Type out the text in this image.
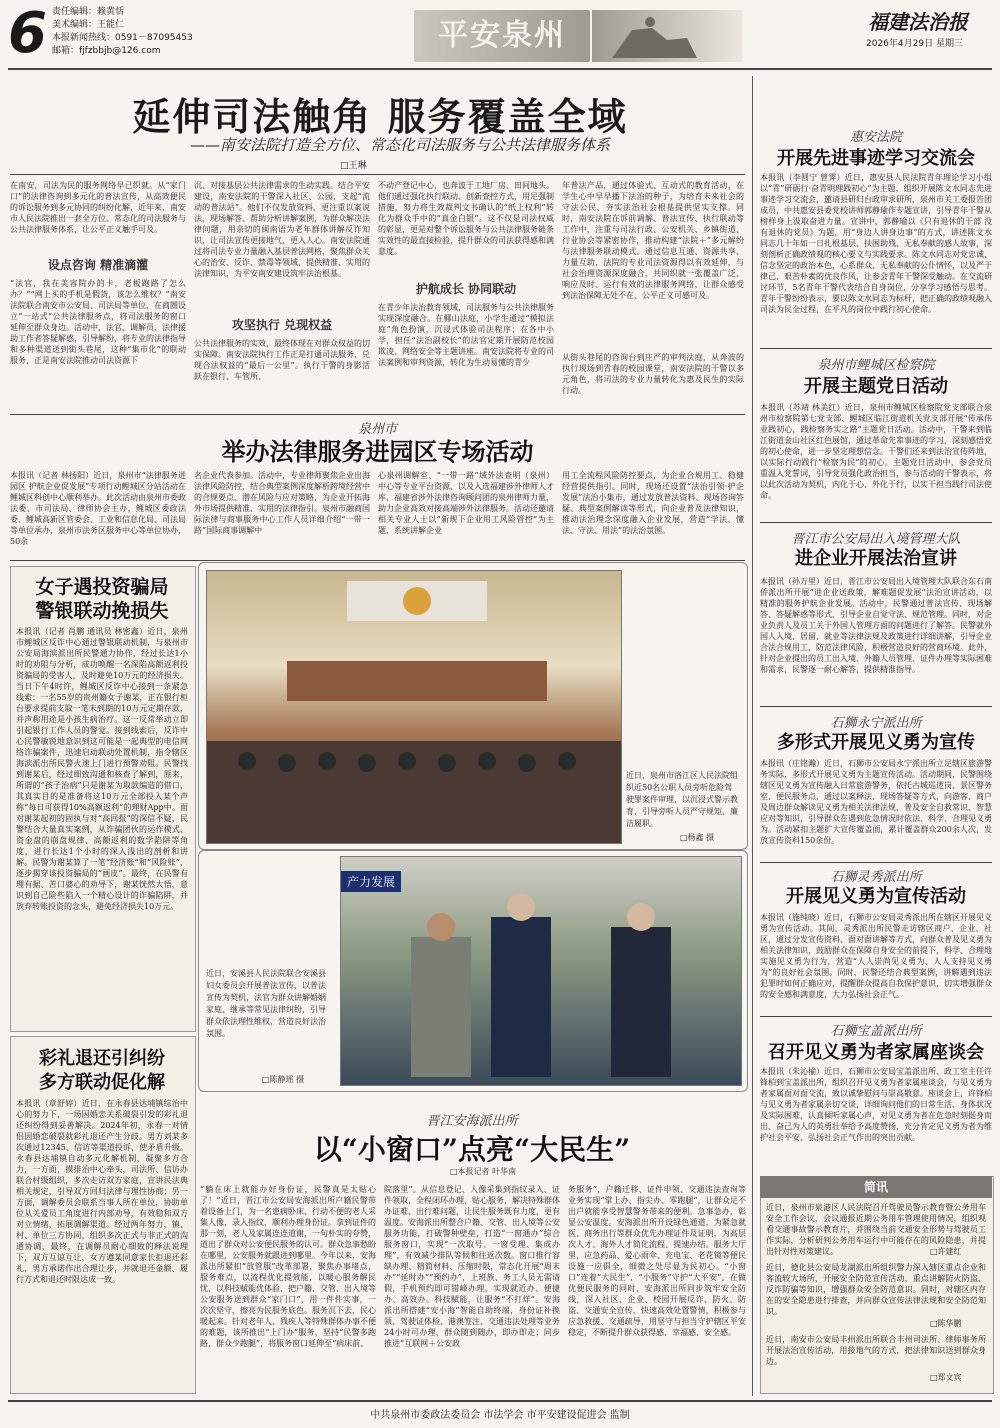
6 责任编辑：赖黄恬
美术编辑：王能仁
本报新闻热线：0591－87095453
邮箱：fjfzbbjb@126.com	平安泉州	福建法治报
2026年4月29日 星期三
延伸司法触角 服务覆盖全域
——南安法院打造全方位、常态化司法服务与公共法律服务体系
□王琳
在南安，司法为民的服务网络早已织就。从“家门口”的法律咨询到多元化的普法宣传，从高效便民的诉讼服务到多元协同的纠纷化解，近年来，南安市人民法院推出一套全方位、常态化的司法服务与公共法律服务体系，让公平正义触手可及。
设点咨询 精准滴灌
“法官，我在美容院办的卡，老板跑路了怎么办？”“网上买的手机是假货，该怎么维权？”南安法院联合南安市公安局、司法局等单位，在商圈设立“一站式”公共法律服务点，将司法服务的窗口延伸至群众身边。活动中，法官、调解员、法律援助工作者答疑解惑，引导解纷，将专业的法律指导和多种渠道送到街头巷尾，这种“集市化”的联动服务，正是南安法院推动司法资源下
沉、对接基层公共法律需求的生动实践。结合平安建设，南安法院的干警深入社区、公园，支起“流动的普法站”。他们不仅发放资料、更注重以案说法，现场解答、帮助分析讲解案例，为群众解决法律问题，用亲切的闽南语为老年群体讲解反诈知识，让司法宣传更接地气、更入人心。南安法院通过将司法专业力量融入基层普法网格，聚焦群众关心的治安、反诈、禁毒等领域，提供精准、实用的法律知识，为平安南安建设筑牢法治根基。
攻坚执行 兑现权益
公共法律服务的实效，最终体现在对群众权益的切实保障。南安法院执行工作正是打通司法服务、兑现合法权益的“最后一公里”。执行干警的身影活跃在银行、车管所、
不动产登记中心，也奔波于工地厂房、田间地头。他们通过强化执行联动、创新查控方式，用足强制措施，努力将生效裁判文书确认的“纸上权利”转化为群众手中的“真金白银”。这不仅是司法权威的彰显，更是对整个诉讼服务与公共法律服务链条实效性的最直接检验，提升群众的司法获得感和满意度。
护航成长 协同联动
在青少年法治教育领域，司法服务与公共法律服务实现深度融合。在椰山法庭，小学生通过“模拟法庭”角色扮演，沉浸式体验司法程序；在各中小学，担任“法治副校长”的法官定期开展防范校园欺凌、网络安全等主题讲座。南安法院将专业的司法案例和审判资源，转化为生动易懂的青少
年普法产品，通过体验式、互动式的教育活动，在学生心中早早播下法治的种子，为培育未来社会的守法公民、夯实法治社会根基提供坚实支撑。同时，南安法院在诉前调解、普法宣传、执行联动等工作中，注重与司法行政、公安机关、乡镇街道、行业协会等紧密协作，推动构建“法院＋”多元解纷与法律服务联动模式。通过信息互通、资源共享、力量互助，法院的专业司法资源得以有效延伸，与社会治理资源深度融合，共同织就一张覆盖广泛、响应及时、运行有效的法律服务网络，让群众感受到法治保障无处不在、公平正义可感可及。
从街头巷尾的咨询台到庄严的审判法庭，从奔波的执行现场到青春的校园课堂，南安法院的干警以多元角色，将司法的专业力量转化为惠及民生的实际行动。
泉州市
举办法律服务进园区专场活动
本报讯（记者 林扬阳）近日，泉州市“法律服务进园区 护航企业促发展”专项行动鲤城区分站活动在鲤城区科创中心顺利举办。此次活动由泉州市委政法委、市司法局、律师协会主办，鲤城区委政法委、鲤城高新区管委会、工业和信息化局、司法局等单位承办，泉州市法务区服务中心等单位协办，50余
名企业代表参加。活动中，专业律师聚焦企业出海法律风险防控，结合典型案例深度解析跨境经营中的合规要点、潜在风险与应对策略，为企业开拓海外市场提供精准、实用的法律指引。泉州市融商国际法律与商事服务中心工作人员详细介绍“一带一路”国际商事调解中
心泉州调解室、“一带一路”域外法查明（泉州）中心等专业平台资源，以及入选福建涉外律师人才库、福建省涉外法律咨询顾问团的泉州律师力量，助力企业高效对接高端涉外法律服务。活动还邀请相关专业人士以“新规下企业用工风险管控”为主题，系统讲解企业
用工全流程风险防控要点，为企业合规用工、稳健经营提供指引。同时，现场还设置“法治引领·护企发展”法治小集市，通过发放普法资料、现场咨询答疑、典型案例解读等形式，向企业普及法律知识，推动法治理念深度融入企业发展，营造“学法、懂法、守法、用法”的法治氛围。
女子遇投资骗局
警银联动挽损失
本报讯（记者 肖鹏 通讯员 林密鑫）近日，泉州市鲤城区反诈中心通过警银联动机制，与泉州市公安局海滨派出所民警通力协作，经过长达1小时的劝阻与分析，成功唤醒一名深陷高额返利投资骗局的受害人，及时避免10万元的经济损失。当日下午4时许，鲤城区反诈中心接到一条紧急线索：一名55岁的贵州籍女子谢某，正在银行柜台要求提前支取一笔未到期的10万元定期存款，并声称用途是小孩生病治疗。这一反常举动立即引起银行工作人员的警觉。接到线索后，反诈中心民警敏锐地意识到这可能是一起典型的电信网络诈骗案件，迅速启动联动处置机制，指令辖区海滨派出所民警火速上门进行预警劝阻。民警找到谢某后，经过细致沟通和核查了解到，原来，所谓的“孩子治病”只是谢某为取款编造的借口，其真实目的是准备将这10万元全部投入某个声称“每日可获得10%高额返利”的理财App中。面对谢某起初的固执与对“高回报”的深信不疑，民警结合大量真实案例，从诈骗团伙的运作模式、资金盘的崩盘规律、高额返利的数学陷阱等角度，进行长达1个小时的深入浅出的剖析和讲解。民警为谢某算了一笔“经济账”和“风险账”，逐步揭穿该投资骗局的“画皮”。最终，在民警有理有据、苦口婆心的劝导下，谢某恍然大悟，意识到自己险些陷入一个精心设计的诈骗陷阱，并放弃转账投资的念头，避免经济损失10万元。
彩礼退还引纠纷
多方联动促化解
本报讯（章舒婷）近日，在永春县达埔镇综治中心的努力下，一场因婚恋关系破裂引发的彩礼退还纠纷得到妥善解决。2024年初，永春一对情侣因婚恋破裂就彩礼退还产生分歧。男方刘某多次通过12345、信访等渠道投诉，使矛盾升级。永春县达埔镇自动多元化解机制，凝聚多方合力，一方面，摸排治中心牵头，司法所、信访办联合村级组织，多次走访双方家庭，宣讲民法典相关规定，引导双方回归法律与理性协商；另一方面，调解委员会联系当事人所在单位，协助单位从关爱员工角度进行内部劝导，有效稳和双方对立情绪，拓展调解渠道。经过两年努力，镇、村、单位三方协同，组织多次正式与非正式的沟通协调，最终，在调解员耐心细致的释法说理下，双方互谅互让，女方遵某同意家长拒退还彩礼，男方承诺作出合理让步，并就退还金额、履行方式和退还时限达成一致。
近日，泉州市洛江区人民法院组织近50名公职人员旁听危险驾驶罪案件审理，以沉浸式警示教育，引导旁听人员严守规矩、廉洁履职。
□杨鑫 摄
产力发展
近日，安溪县人民法院联合安溪县妇女委员会开展普法宣传，以普法宣传为契机，法官为群众讲解婚姻家庭、继承等常见法律纠纷，引导群众依法理性维权，营造良好法治氛围。
□陈静瑶 摄
晋江安海派出所
以“小窗口”点亮“大民生”
□本报记者 叶华南
“躺在床上就能办好身份证，民警真是太贴心了！”近日，晋江市公安局安海派出所户籍民警带着设备上门，为一名患病卧床、行动不便的老人采集人像，录入指纹，顺利办理身份证。拿到证件的那一刻，老人及家属连连道谢，一句朴实的夸赞，道出了群众对公安便民服务的认可。群众急事愁盼在哪里，公安服务就跟进到哪里。今年以来，安海派出所紧扣“放管服”改革部署，聚焦办事堵点，服务难点，以流程优化提效能，以暖心服务解民忧，以科技赋能优体验，把户籍、交管、出入境等公安服务送到群众“家门口”，用一件件实事，一次次坚守，擦亮为民服务底色。服务沉下去，民心暖起来。针对老年人、残疾人等特殊群体办事不便的难题，该所推出“上门办”服务，坚持“民警多跑路，群众少跑腿”，将服务窗口延伸至“病床前、
院落里”。从信息登记、人像采集到指纹录入、证件领取，全程闭环办理，贴心服务，解决特殊群体办证难、出行难问题，让民生服务既有力度，更有温度。安海派出所整合户籍、交管、出入境等公安服务功能，打破警种壁垒，打造“一窗通办”综合服务窗口，实现“一次取号、一窗受理、集成办理”，有效减少排队等候和往返次数。窗口推行容缺办理、精简材料、压缩时限，常态化开展“周末办”“延时办”“预约办”，上班族、务工人员无需请假，手机预约即可错峰办理，实现就近办、便捷办、高效办。科技赋能，让服务“不打烊”。安海派出所搭建“安小海”智能自助终端，身份证补换领、驾驶证体检、港澳签注、交通违法处理等业务24小时可办理，群众随到随办，即办即走；同步推进“互联网＋公安政
务服务”，户籍迁移、证件申领、交通违法查询等业务实现“掌上办、指尖办、零跑腿”，让群众足不出户就能享受智慧警务带来的便利。急事急办，彰显公安温度。安海派出所开设绿色通道，为紧急就医、商务出行等群众优先办理证件及证明，为高层次人才、海外人才简化流程、提速办结。服务大厅里，应急药品、爱心雨伞、充电宝、老花镜等便民设施一应俱全，细微之处尽显为民初心。“小窗口”连着“大民生”，“小服务”守护“大平安”。在做优便民服务的同时，安海派出所同步筑牢安全防线，深入社区、企业、校园开展反诈、防火、防盗、交通安全宣传，快速高效处置警情，积极参与应急救援、交通疏导，用坚守与担当守护辖区平安稳定，不断提升群众获得感、幸福感、安全感。
惠安法院
开展先进事迹学习交流会
本报讯（李圆宁 曾霁）近日，惠安县人民法院青年理论学习小组以“青”研砺行·奋青明理践初心”为主题，组织开展陈文水同志先进事迹学习交流会，邀请县研归台政审求研所，泉州市关工委报告团成员，中共惠安县委党校讲师郭静瑜作专题宣讲，引导青年干警从榜样身上汲取奋进力量。宣讲中，郭静瑜以《只有退休的干部 没有退休的党员》为题，用“身边人讲身边事”的方式，讲述陈文水同志几十年如一日扎根基层、扶困助残、无私奉献的感人故事，深刻剖析正确政绩观的核心要义与实践要求。陈文水同志对党忠诚、信念坚定的政治本色，心系群众、无私奉献的公仆情怀，以及严于律己、艰苦朴素的优良作风，让参会青年干警深受触动。在交流研讨环节，5名青年干警代表结合自身岗位，分享学习感悟与思考。青年干警纷纷表示，要以陈文水同志为标杆，把正确的政绩观融入司法为民全过程，在平凡的岗位中践行初心使命。
泉州市鲤城区检察院
开展主题党日活动
本报讯（苏靖 林美红）近日，泉州市鲤城区检察院党支部联合泉州市检察院第七党支部、鲤城区临江街道机关党支部开展“传承伟业践初心，践检察务实之路”主题党日活动。活动中，干警来到临江街道金山社区红色展馆，通过革命先辈事迹的学习，深刻感悟党的初心使命，进一步坚定理想信念。干警们还来到法治宣传阵地，以实际行动践行“检察为民”的初心。主题党日活动中，参会党员重温入党誓词，引导党员强化政治担当，参与活动的干警表示，将以此次活动为契机，内化于心、外化于行，以实干担当践行司法使命。
晋江市公安局出入境管理大队
进企业开展法治宣讲
本报讯（孙万里）近日，晋江市公安局出入境管理大队联合东石南侨派出所开展“进企业送政策，解难题促发展”法治宣讲活动，以精准的服务护航企业发展。活动中，民警通过普法宣传、现场解答、答疑解惑等形式，引导企业自觉守法、规范管理。同时，对企业负责人及员工关于外国人管理方面的问题进行了解答。民警就外国人入境、居留、就业等法律法规及政策进行详细讲解，引导企业合法合规用工，防范法律风险，积极营造良好的营商环境。此外，针对企业提出的员工出入境、外籍人员管理、证件办理等实际困难和需求，民警逐一耐心解答，提供精准指导。
石狮永宁派出所
多形式开展见义勇为宣传
本报讯（庄铭瀚）近日，石狮市公安局永宁派出所立足辖区旅游警务实际，多形式开展见义勇为主题宣传活动。活动期间，民警围绕辖区见义勇为宣传融入日常旅游警务，依托古城巡逻岗、景区警务室、便民服务点，通过以案释法、现场答疑等方式，向游客、商户及周边群众解读见义勇为相关法律法规，普及安全自救常识、智慧应对等知识，引导群众在遇到危急情况时依法、科学、合理见义勇为。活动紧扣主题扩大宣传覆盖面，累计覆盖群众200余人次，发放宣传资料150余份。
石狮灵秀派出所
开展见义勇为宣传活动
本报讯（施纯晓）近日，石狮市公安局灵秀派出所在辖区开展见义勇为宣传活动。其间，灵秀派出所民警走访辖区商户、企业、社区，通过分发宣传资料、面对面讲解等方式，向群众普及见义勇为相关法律知识，鼓励群众在保障自身安全的前提下，科学、合理地实施见义勇为行为，营造“人人崇尚见义勇为、人人支持见义勇为”的良好社会氛围。同时，民警还结合典型案例，讲解遇到违法犯罪时如何正确应对，提醒群众提高自我保护意识，切实增强群众的安全感和满意度，大力弘扬社会正气。
石狮宝盖派出所
召开见义勇为者家属座谈会
本报讯（朱沁榆）近日，石狮市公安局宝盖派出所、政工室主任许锋柏到宝盖派出所，组织召开见义勇为者家属座谈会，与见义勇为者家属面对面交流，致以诚挚慰问与崇高敬意。座谈会上，许锋柏与见义勇为者家属亲切交谈，详细询问他们的日常生活、身体状况及实际困难，认真倾听家属心声，对见义勇为者在危急时刻挺身而出、奋己为人的英勇壮举给予高度赞扬，充分肯定见义勇为者为维护社会平安、弘扬社会正气作出的突出贡献。
简讯
近日，泉州市泉港区人民法院召开驾驶员警示教育暨公务用车安全工作会议，会议通报近期公务用车管理使用情况，组织观看交通事故警示教育片，并围绕当前交通安全形势与驾驶员工作实际，分析研判公务用车运行中可能存在的风险隐患，并提出针对性对策建议。	□许建红
近日，德化县公安局龙湖派出所组织警力深入辖区重点企业和客流较大场所，开展安全防范宣传活动，重点讲解防火防盗、反诈防骗等知识，增强群众安全防范意识。同时，对辖区内存在的安全隐患进行排查，并向群众宣传法律法规和安全防范知识。
□陈华鹏
近日，南安市公安局丰州派出所联合丰州司法所、律师事务所开展法治宣传活动，用接地气的方式，把法律知识送到群众身边。
□郑文宾
中共泉州市委政法委员会 市法学会 市平安建设促进会 监制
